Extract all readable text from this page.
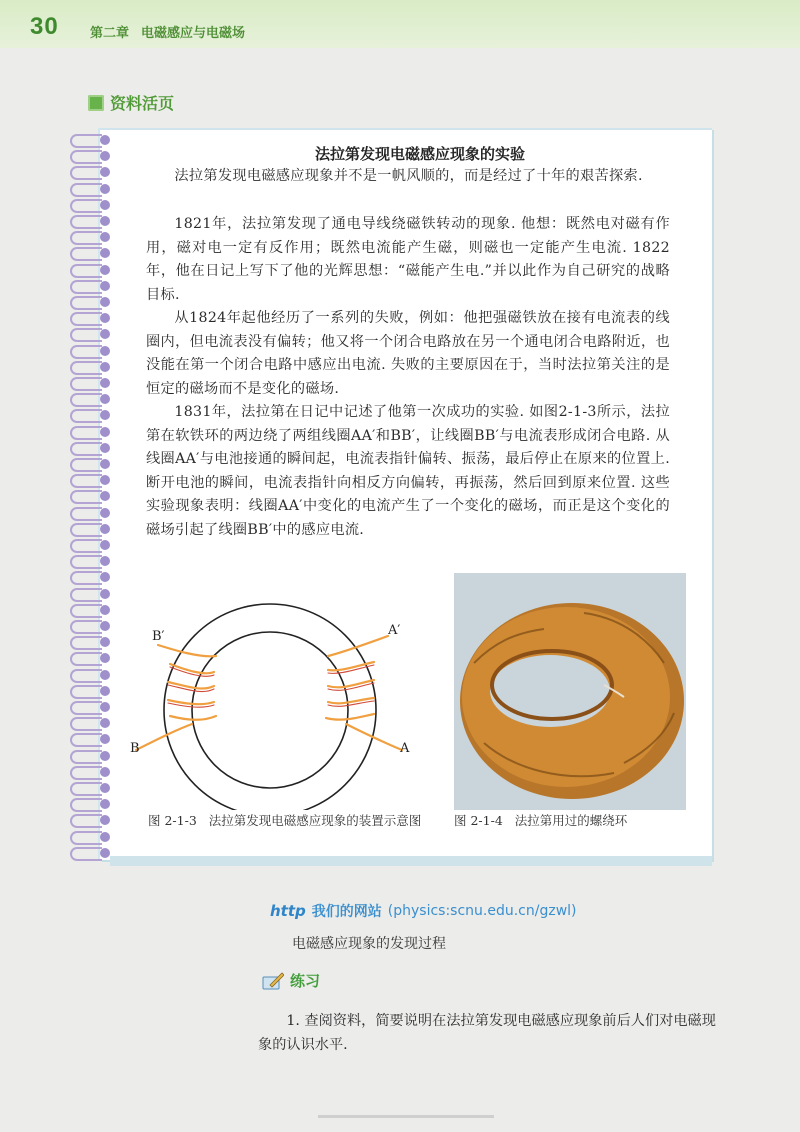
30 第二章 电磁感应与电磁场
资料活页
法拉第发现电磁感应现象的实验

法拉第发现电磁感应现象并不是一帆风顺的，而是经过了十年的艰苦探索.

1821年，法拉第发现了通电导线绕磁铁转动的现象. 他想：既然电对磁有作用，磁对电一定有反作用；既然电流能产生磁，则磁也一定能产生电流. 1822年，他在日记上写下了他的光辉思想：“磁能产生电.”并以此作为自己研究的战略目标.

从1824年起他经历了一系列的失败，例如：他把强磁铁放在接有电流表的线圈内，但电流表没有偏转；他又将一个闭合电路放在另一个通电闭合电路附近，也没能在第一个闭合电路中感应出电流. 失败的主要原因在于，当时法拉第关注的是恒定的磁场而不是变化的磁场.

1831年，法拉第在日记中记述了他第一次成功的实验. 如图2-1-3所示，法拉第在软铁环的两边绕了两组线圈AA′和BB′，让线圈BB′与电流表形成闭合电路. 从线圈AA′与电池接通的瞬间起，电流表指针偏转、振荡，最后停止在原来的位置上. 断开电池的瞬间，电流表指针向相反方向偏转，再振荡，然后回到原来位置. 这些实验现象表明：线圈AA′中变化的电流产生了一个变化的磁场，而正是这个变化的磁场引起了线圈BB′中的感应电流.

B′	A′
B	A
图 2-1-3 法拉第发现电磁感应现象的装置示意图	图 2-1-4 法拉第用过的螺绕环
http 我们的网站 (physics:scnu.edu.cn/gzwl)
电磁感应现象的发现过程
练习

1. 查阅资料，简要说明在法拉第发现电磁感应现象前后人们对电磁现象的认识水平.
